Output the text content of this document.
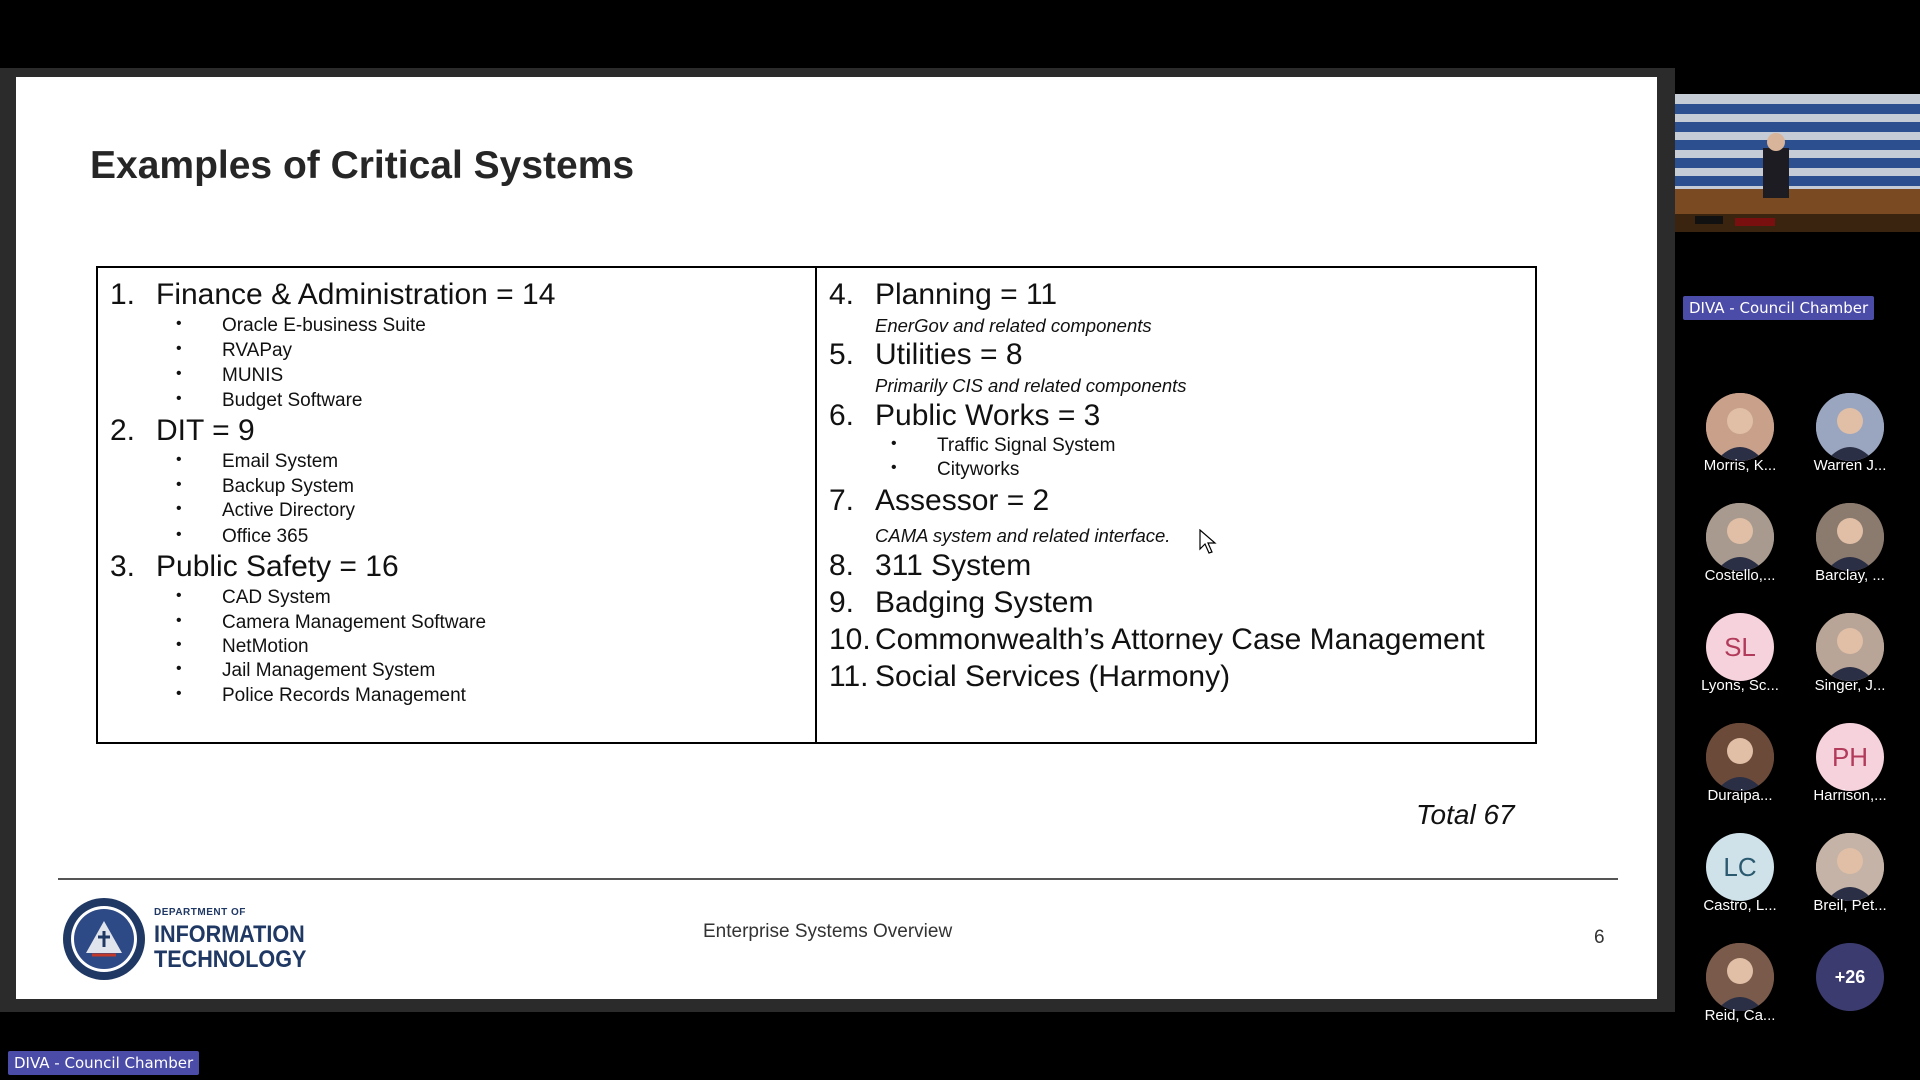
Examples of Critical Systems
1. Finance & Administration = 14
• Oracle E-business Suite
• RVAPay
• MUNIS
• Budget Software
2. DIT = 9
• Email System
• Backup System
• Active Directory
• Office 365
3. Public Safety = 16
• CAD System
• Camera Management Software
• NetMotion
• Jail Management System
• Police Records Management
4. Planning = 11
EnerGov and related components
5. Utilities = 8
Primarily CIS and related components
6. Public Works = 3
• Traffic Signal System
• Cityworks
7. Assessor = 2
CAMA system and related interface.
8. 311 System
9. Badging System
10. Commonwealth’s Attorney Case Management
11. Social Services (Harmony)
Total 67
DEPARTMENT OF
INFORMATION
TECHNOLOGY
Enterprise Systems Overview	6
DIVA - Council Chamber
Morris, K...	Warren J...
Costello,...	Barclay, ...
SL
Lyons, Sc...	Singer, J...
Duraipa...
PH
Harrison,...
LC
Castro, L...	Breil, Pet...
Reid, Ca...
+26
DIVA - Council Chamber
